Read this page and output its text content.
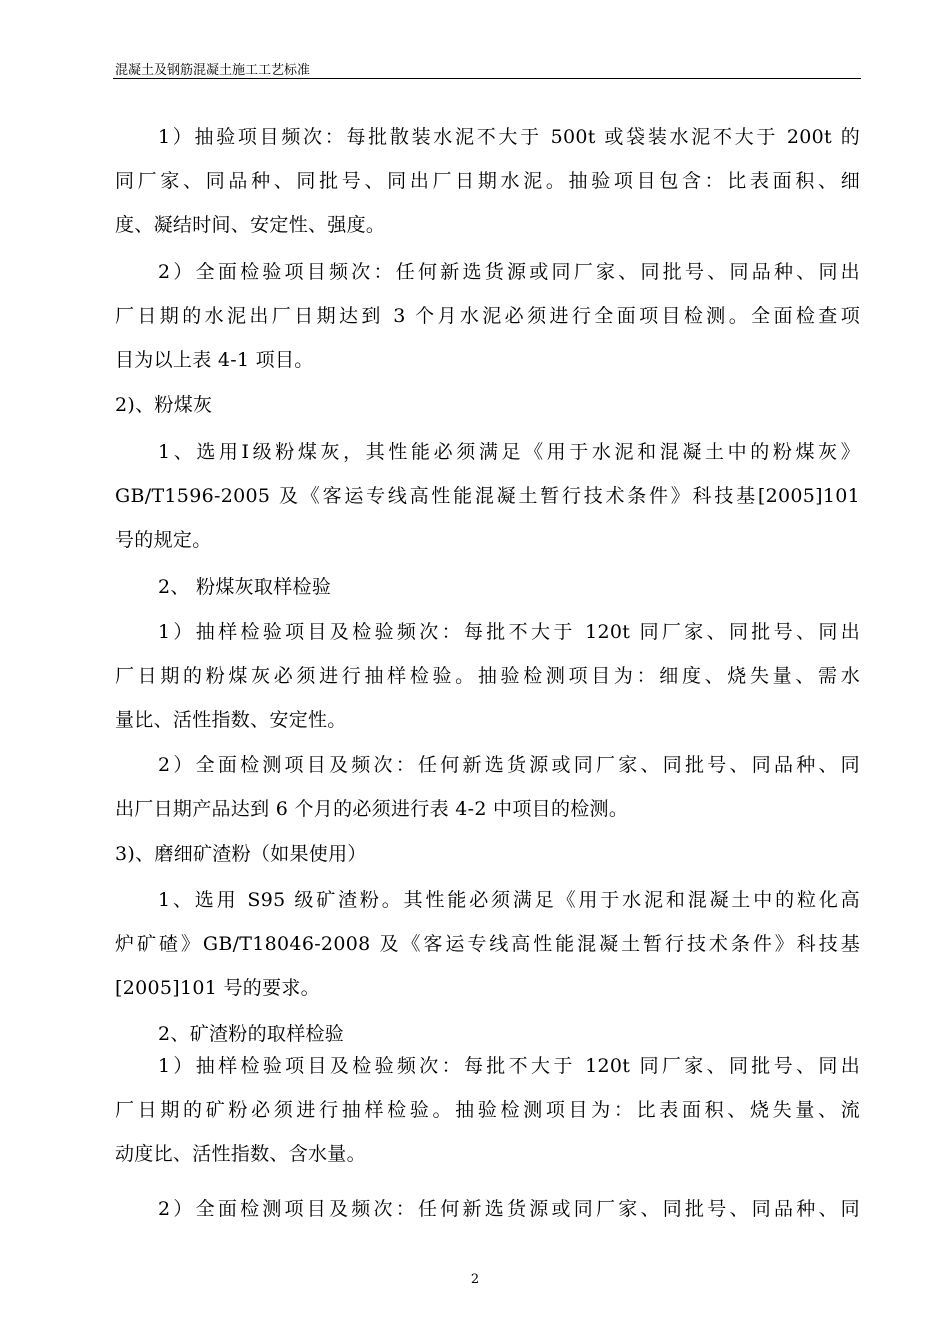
混凝土及钢筋混凝土施工工艺标准
1）抽验项目频次：每批散装水泥不大于 500t 或袋装水泥不大于 200t 的
同厂家、同品种、同批号、同出厂日期水泥。抽验项目包含：比表面积、细
度、凝结时间、安定性、强度。
2）全面检验项目频次：任何新选货源或同厂家、同批号、同品种、同出
厂日期的水泥出厂日期达到 3 个月水泥必须进行全面项目检测。全面检查项
目为以上表 4-1 项目。
2)、粉煤灰
1、选用Ⅰ级粉煤灰，其性能必须满足《用于水泥和混凝土中的粉煤灰》
GB/T1596-2005 及《客运专线高性能混凝土暂行技术条件》科技基[2005]101
号的规定。
2、 粉煤灰取样检验
1）抽样检验项目及检验频次：每批不大于 120t 同厂家、同批号、同出
厂日期的粉煤灰必须进行抽样检验。抽验检测项目为：细度、烧失量、需水
量比、活性指数、安定性。
2）全面检测项目及频次：任何新选货源或同厂家、同批号、同品种、同
出厂日期产品达到 6 个月的必须进行表 4-2 中项目的检测。
3)、磨细矿渣粉（如果使用）
1、选用 S95 级矿渣粉。其性能必须满足《用于水泥和混凝土中的粒化高
炉矿碴》GB/T18046-2008 及《客运专线高性能混凝土暂行技术条件》科技基
[2005]101 号的要求。
2、矿渣粉的取样检验
1）抽样检验项目及检验频次：每批不大于 120t 同厂家、同批号、同出
厂日期的矿粉必须进行抽样检验。抽验检测项目为：比表面积、烧失量、流
动度比、活性指数、含水量。
2）全面检测项目及频次：任何新选货源或同厂家、同批号、同品种、同
2
